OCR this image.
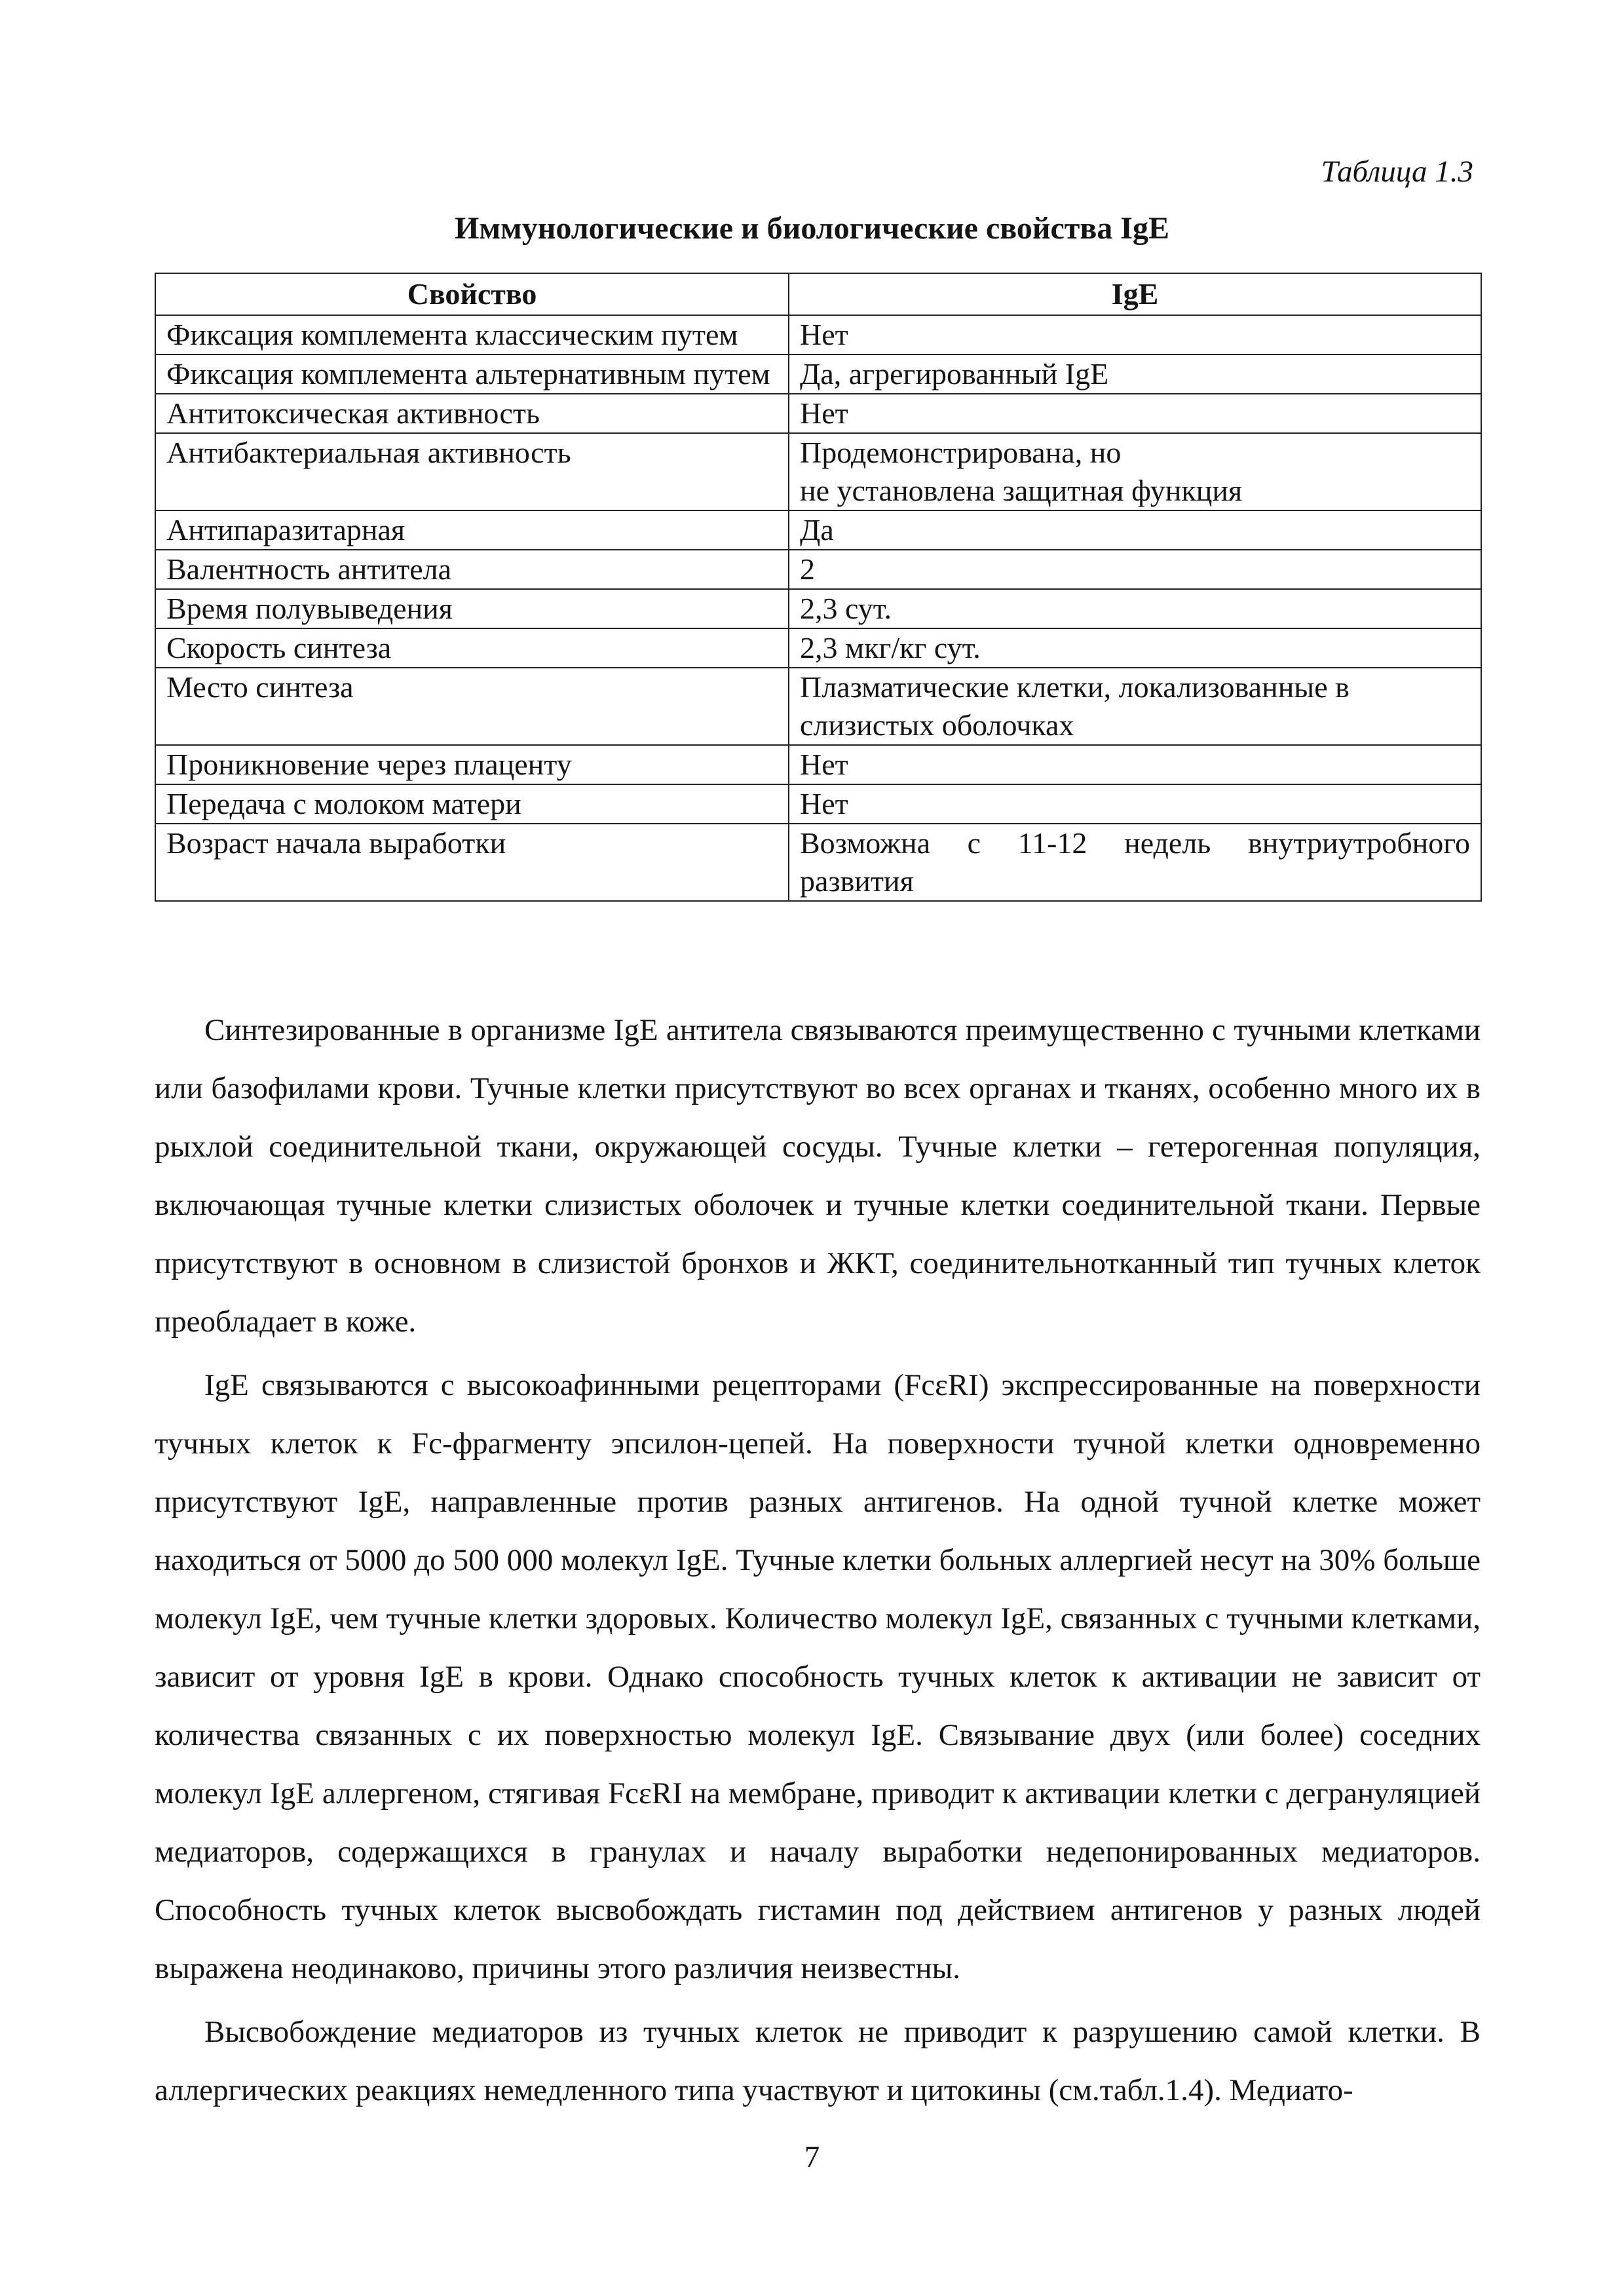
Таблица 1.3
Иммунологические и биологические свойства IgE
Свойство	IgE
Фиксация комплемента классическим путем	Нет
Фиксация комплемента альтернативным путем	Да, агрегированный IgE
Антитоксическая активность	Нет
Антибактериальная активность	Продемонстрирована, но
не установлена защитная функция

Антипаразитарная	Да
Валентность антитела	2
Время полувыведения	2,3 сут.
Скорость синтеза	2,3 мкг/кг сут.
Место синтеза	Плазматические клетки, локализованные в слизистых оболочках
Проникновение через плаценту	Нет
Передача с молоком матери	Нет
Возраст начала выработки	Возможна с 11-12 недель внутриутробного
развития

Синтезированные в организме IgE антитела связываются преимущественно с тучными клетками или базофилами крови. Тучные клетки присутствуют во всех органах и тканях, особенно много их в рыхлой соединительной ткани, окружающей сосуды. Тучные клетки – гетерогенная популяция, включающая тучные клетки слизистых оболочек и тучные клетки соединительной ткани. Первые присутствуют в основном в слизистой бронхов и ЖКТ, соединительнотканный тип тучных клеток преобладает в коже.

IgE связываются с высокоафинными рецепторами (FcεRI) экспрессированные на поверхности тучных клеток к Fc-фрагменту эпсилон-цепей. На поверхности тучной клетки одновременно присутствуют IgE, направленные против разных антигенов. На одной тучной клетке может находиться от 5000 до 500 000 молекул IgE. Тучные клетки больных аллергией несут на 30% больше молекул IgE, чем тучные клетки здоровых. Количество молекул IgE, связанных с тучными клетками, зависит от уровня IgE в крови. Однако способность тучных клеток к активации не зависит от количества связанных с их поверхностью молекул IgE. Связывание двух (или более) соседних молекул IgE аллергеном, стягивая FcεRI на мембране, приводит к активации клетки с дегрануляцией медиаторов, содержащихся в гранулах и началу выработки недепонированных медиаторов. Способность тучных клеток высвобождать гистамин под действием антигенов у разных людей выражена неодинаково, причины этого различия неизвестны.

Высвобождение медиаторов из тучных клеток не приводит к разрушению самой клетки. В аллергических реакциях немедленного типа участвуют и цитокины (см.табл.1.4). Медиато-

7
